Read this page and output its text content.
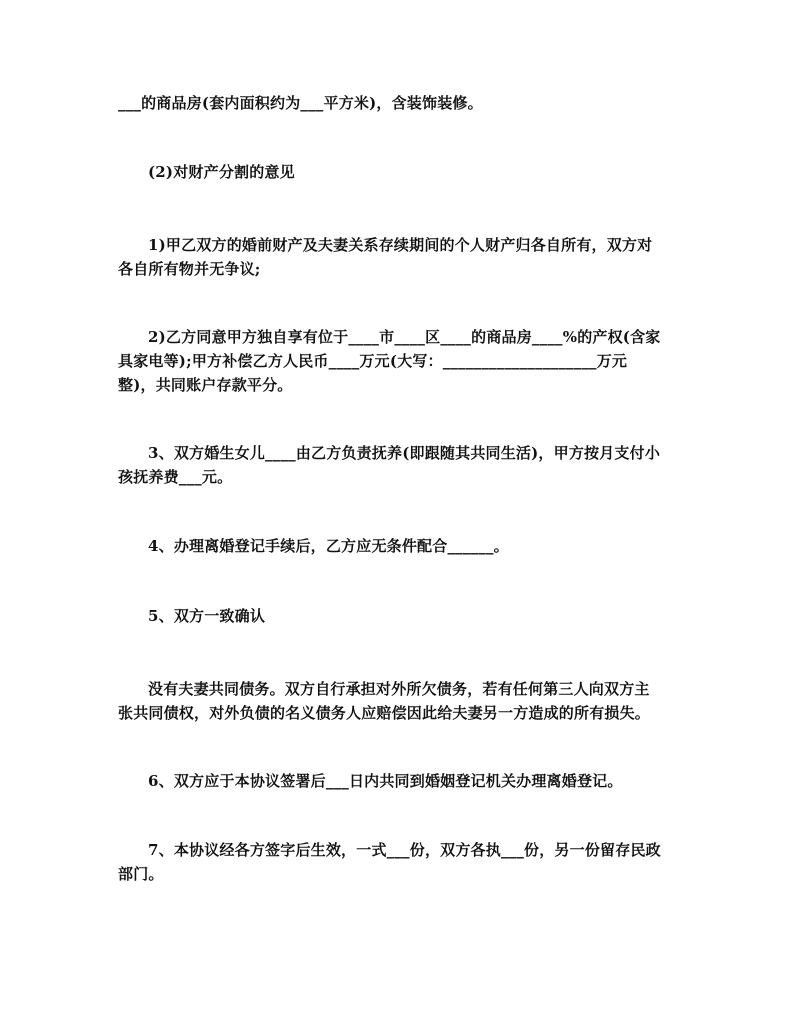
___的商品房(套内面积约为___平方米)，含装饰装修。
(2)对财产分割的意见
1)甲乙双方的婚前财产及夫妻关系存续期间的个人财产归各自所有，双方对
各自所有物并无争议;
2)乙方同意甲方独自享有位于____市____区____的商品房____%的产权(含家
具家电等);甲方补偿乙方人民币____万元(大写：____________________万元
整)，共同账户存款平分。
3、双方婚生女儿____由乙方负责抚养(即跟随其共同生活)，甲方按月支付小
孩抚养费___元。
4、办理离婚登记手续后，乙方应无条件配合______。
5、双方一致确认
没有夫妻共同债务。双方自行承担对外所欠债务，若有任何第三人向双方主
张共同债权，对外负债的名义债务人应赔偿因此给夫妻另一方造成的所有损失。
6、双方应于本协议签署后___日内共同到婚姻登记机关办理离婚登记。
7、本协议经各方签字后生效，一式___份，双方各执___份，另一份留存民政
部门。
